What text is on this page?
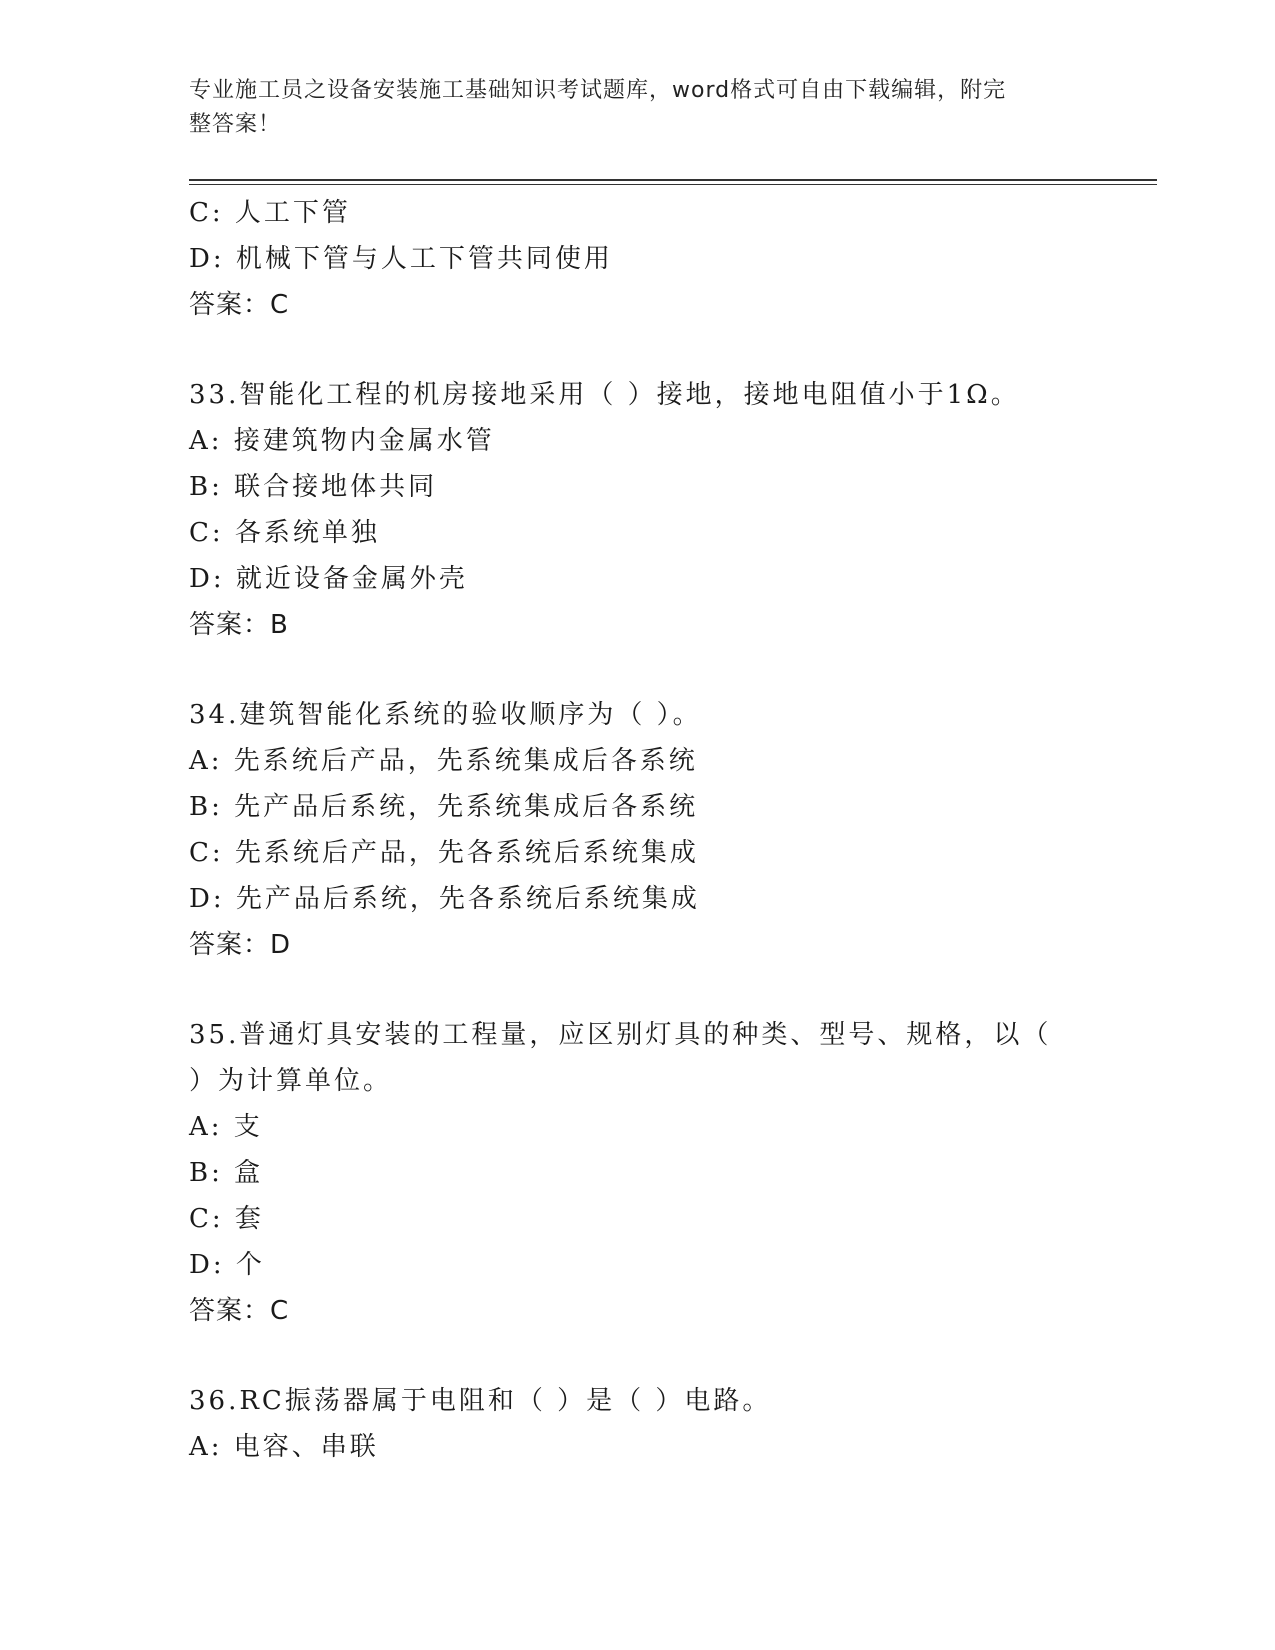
专业施工员之设备安装施工基础知识考试题库，word格式可自由下载编辑，附完
整答案！
C: 人工下管
D: 机械下管与人工下管共同使用
答案：C
33.智能化工程的机房接地采用（ ）接地，接地电阻值小于1Ω。
A: 接建筑物内金属水管
B: 联合接地体共同
C: 各系统单独
D: 就近设备金属外壳
答案：B
34.建筑智能化系统的验收顺序为（ ）。
A: 先系统后产品，先系统集成后各系统
B: 先产品后系统，先系统集成后各系统
C: 先系统后产品，先各系统后系统集成
D: 先产品后系统，先各系统后系统集成
答案：D
35.普通灯具安装的工程量，应区别灯具的种类、型号、规格，以（
）为计算单位。
A: 支
B: 盒
C: 套
D: 个
答案：C
36.RC振荡器属于电阻和（ ）是（ ）电路。
A: 电容、串联
